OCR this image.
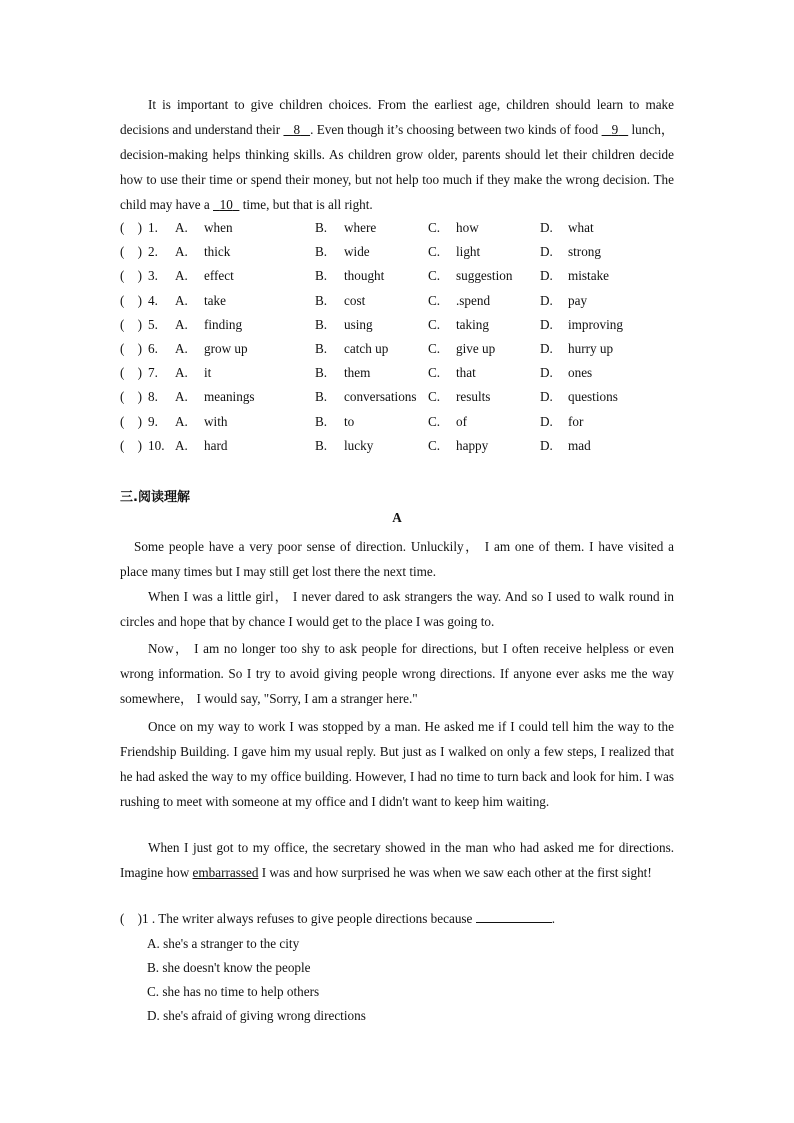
It is important to give children choices. From the earliest age, children should learn to make decisions and understand their    8 . Even though it’s choosing between two kinds of food    9    lunch， decision-making helps thinking skills. As children grow older, parents should let their children decide how to use their time or spend their money, but not help too much if they make the wrong decision. The child may have a   10   time, but that is all right.
(    ) 1. A. when	B. where	C. how	D. what
(    ) 2. A. thick	B. wide	C. light	D. strong
(    ) 3. A. effect	B. thought	C. suggestion D. mistake
(    ) 4. A. take	B. cost	C. .spend	D. pay
(    ) 5. A. finding	B. using	C. taking	D. improving
(    ) 6. A. grow up	B. catch up	C. give up	D. hurry up
(    ) 7. A. it	B. them	C. that	D. ones
(    ) 8. A. meanings	B. conversations C. results	D. questions
(    ) 9. A. with	B. to	C. of	D. for
(    ) 10. A. hard	B. lucky	C. happy	D. mad
三.阅读理解
A
Some people have a very poor sense of direction. Unluckily， I am one of them. I have visited a place many times but I may still get lost there the next time.
When I was a little girl， I never dared to ask strangers the way. And so I used to walk round in circles and hope that by chance I would get to the place I was going to.
Now， I am no longer too shy to ask people for directions, but I often receive helpless or even wrong information. So I try to avoid giving people wrong directions. If anyone ever asks me the way somewhere， I would say, "Sorry, I am a stranger here."
Once on my way to work I was stopped by a man. He asked me if I could tell him the way to the Friendship Building. I gave him my usual reply. But just as I walked on only a few steps, I realized that he had asked the way to my office building. However, I had no time to turn back and look for him. I was rushing to meet with someone at my office and I didn't want to keep him waiting.
When I just got to my office, the secretary showed in the man who had asked me for directions. Imagine how embarrassed I was and how surprised he was when we saw each other at the first sight!
(    )1 . The writer always refuses to give people directions because	.
A. she's a stranger to the city
B. she doesn't know the people
C. she has no time to help others
D. she's afraid of giving wrong directions
